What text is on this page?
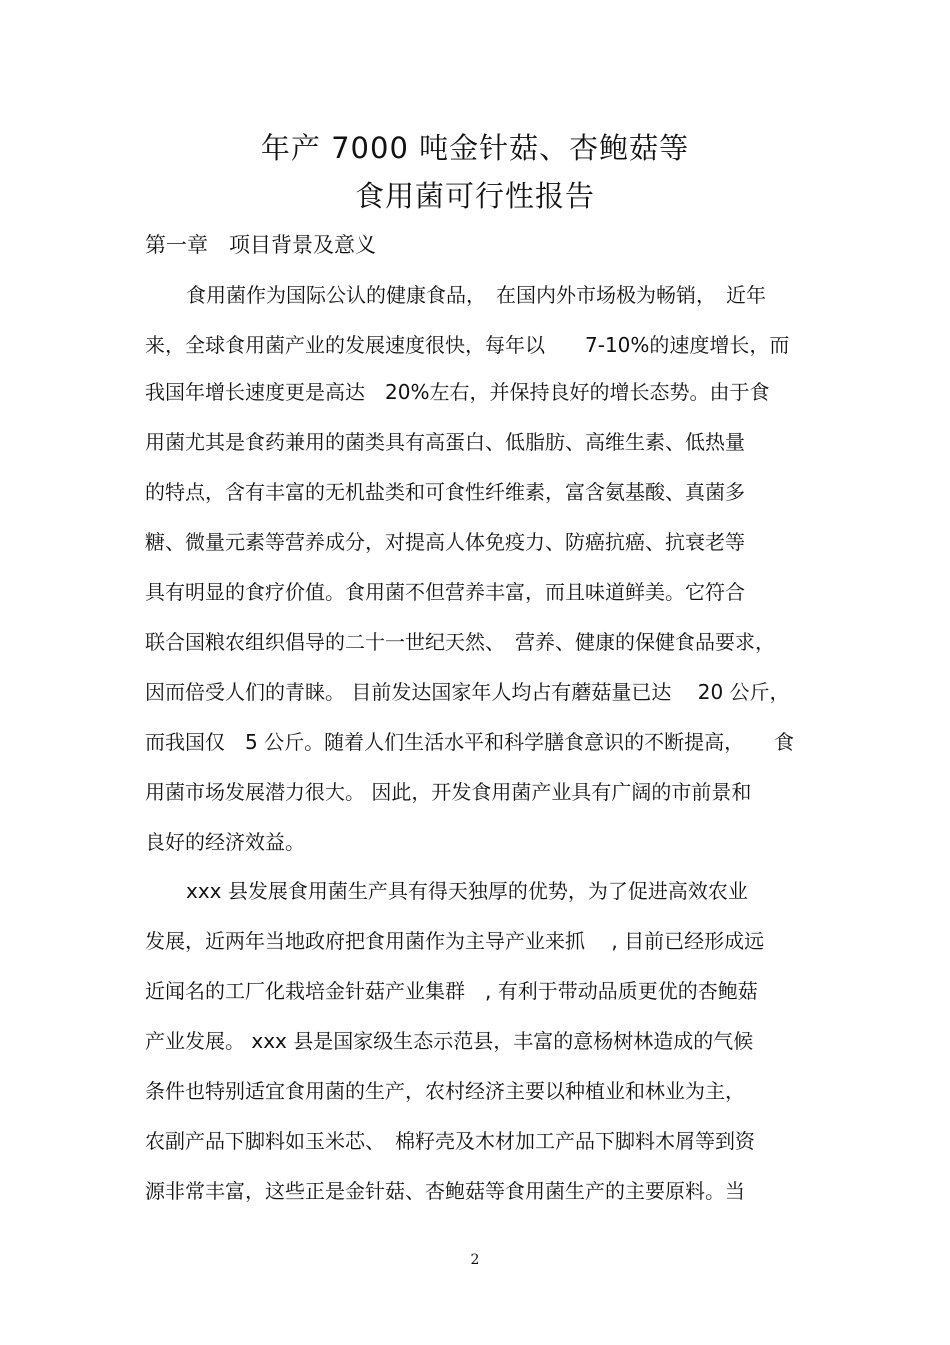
年产 7000 吨金针菇、杏鲍菇等
食用菌可行性报告
第一章　项目背景及意义
食用菌作为国际公认的健康食品，　在国内外市场极为畅销，　近年
来，全球食用菌产业的发展速度很快，每年以　　7-10%的速度增长，而
我国年增长速度更是高达　20%左右，并保持良好的增长态势。由于食
用菌尤其是食药兼用的菌类具有高蛋白、低脂肪、高维生素、低热量
的特点，含有丰富的无机盐类和可食性纤维素，富含氨基酸、真菌多
糖、微量元素等营养成分，对提高人体免疫力、防癌抗癌、抗衰老等
具有明显的食疗价值。食用菌不但营养丰富，而且味道鲜美。它符合
联合国粮农组织倡导的二十一世纪天然、　营养、健康的保健食品要求，
因而倍受人们的青睐。 目前发达国家年人均占有蘑菇量已达　 20 公斤，
而我国仅　5 公斤。随着人们生活水平和科学膳食意识的不断提高，　　食
用菌市场发展潜力很大。 因此，开发食用菌产业具有广阔的市前景和
良好的经济效益。
xxx 县发展食用菌生产具有得天独厚的优势，为了促进高效农业
发展，近两年当地政府把食用菌作为主导产业来抓　 , 目前已经形成远
近闻名的工厂化栽培金针菇产业集群　, 有利于带动品质更优的杏鲍菇
产业发展。 xxx 县是国家级生态示范县，丰富的意杨树林造成的气候
条件也特别适宜食用菌的生产，农村经济主要以种植业和林业为主，
农副产品下脚料如玉米芯、　棉籽壳及木材加工产品下脚料木屑等到资
源非常丰富，这些正是金针菇、杏鲍菇等食用菌生产的主要原料。当
2
